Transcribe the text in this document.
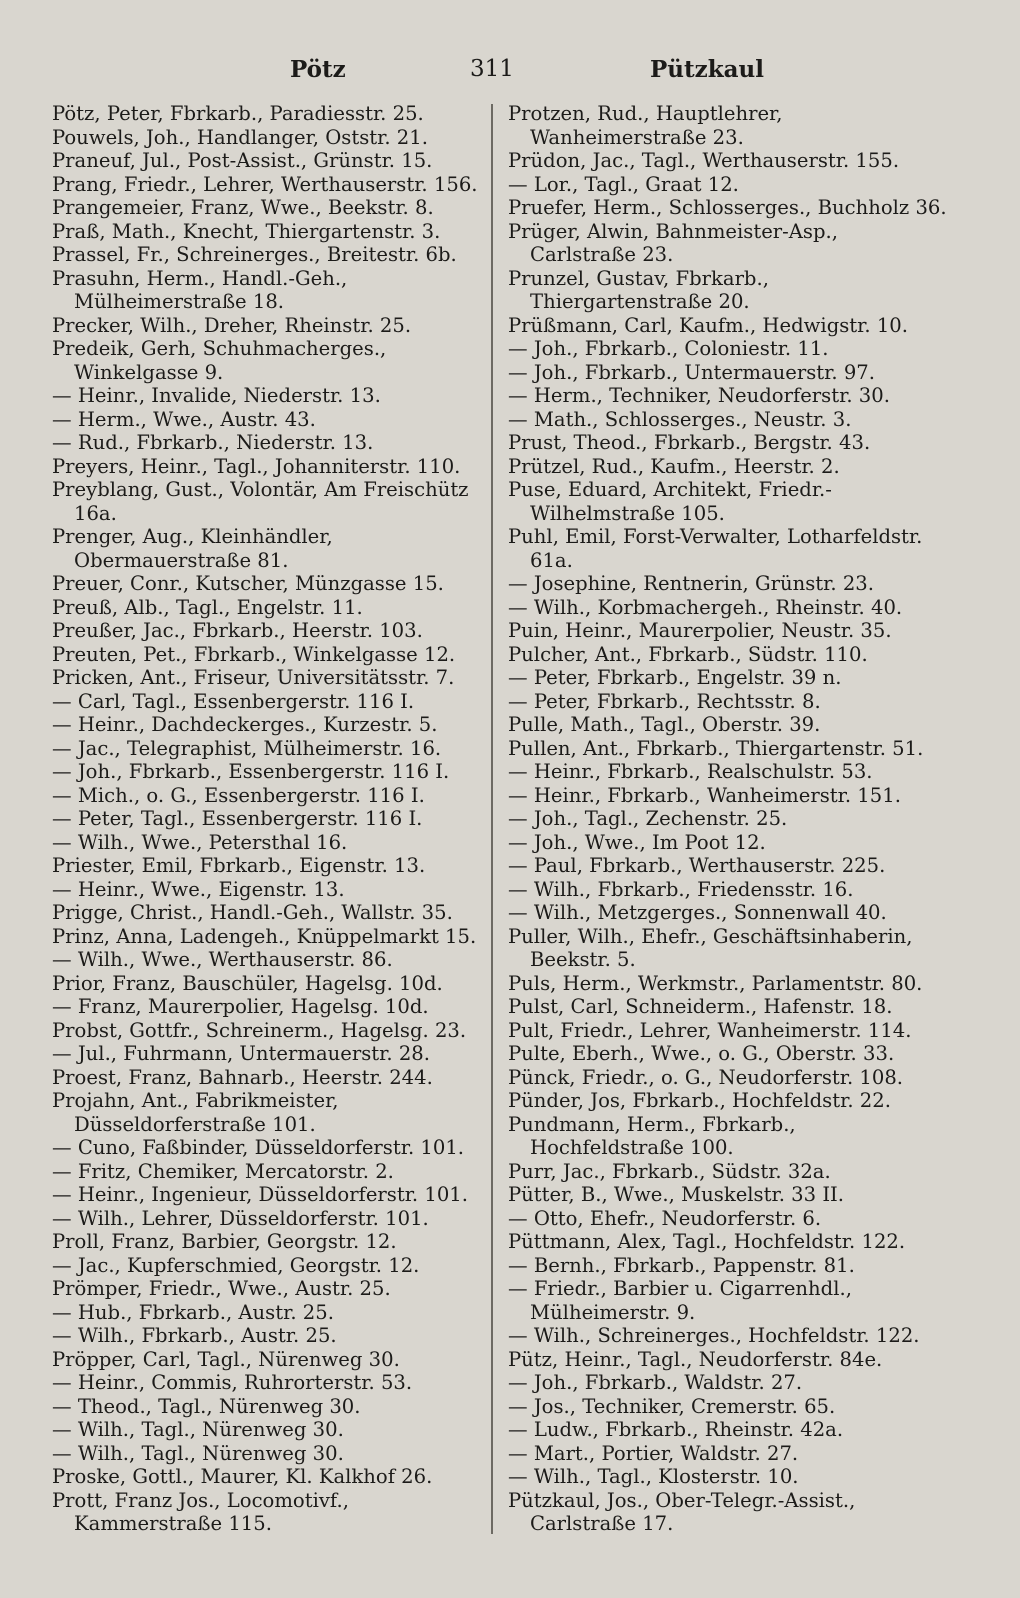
Pötz	311	Pützkaul
Pötz, Peter, Fbrkarb., Paradiesstr. 25.
Pouwels, Joh., Handlanger, Oststr. 21.
Praneuf, Jul., Post-Assist., Grünstr. 15.
Prang, Friedr., Lehrer, Werthauserstr. 156.
Prangemeier, Franz, Wwe., Beekstr. 8.
Praß, Math., Knecht, Thiergartenstr. 3.
Prassel, Fr., Schreinerges., Breitestr. 6b.
Prasuhn, Herm., Handl.-Geh., Mülheimerstraße 18.
Precker, Wilh., Dreher, Rheinstr. 25.
Predeik, Gerh, Schuhmacherges., Winkelgasse 9.
— Heinr., Invalide, Niederstr. 13.
— Herm., Wwe., Austr. 43.
— Rud., Fbrkarb., Niederstr. 13.
Preyers, Heinr., Tagl., Johanniterstr. 110.
Preyblang, Gust., Volontär, Am Freischütz 16a.
Prenger, Aug., Kleinhändler, Obermauerstraße 81.
Preuer, Conr., Kutscher, Münzgasse 15.
Preuß, Alb., Tagl., Engelstr. 11.
Preußer, Jac., Fbrkarb., Heerstr. 103.
Preuten, Pet., Fbrkarb., Winkelgasse 12.
Pricken, Ant., Friseur, Universitätsstr. 7.
— Carl, Tagl., Essenbergerstr. 116 I.
— Heinr., Dachdeckerges., Kurzestr. 5.
— Jac., Telegraphist, Mülheimerstr. 16.
— Joh., Fbrkarb., Essenbergerstr. 116 I.
— Mich., o. G., Essenbergerstr. 116 I.
— Peter, Tagl., Essenbergerstr. 116 I.
— Wilh., Wwe., Petersthal 16.
Priester, Emil, Fbrkarb., Eigenstr. 13.
— Heinr., Wwe., Eigenstr. 13.
Prigge, Christ., Handl.-Geh., Wallstr. 35.
Prinz, Anna, Ladengeh., Knüppelmarkt 15.
— Wilh., Wwe., Werthauserstr. 86.
Prior, Franz, Bauschüler, Hagelsg. 10d.
— Franz, Maurerpolier, Hagelsg. 10d.
Probst, Gottfr., Schreinerm., Hagelsg. 23.
— Jul., Fuhrmann, Untermauerstr. 28.
Proest, Franz, Bahnarb., Heerstr. 244.
Projahn, Ant., Fabrikmeister, Düsseldorferstraße 101.
— Cuno, Faßbinder, Düsseldorferstr. 101.
— Fritz, Chemiker, Mercatorstr. 2.
— Heinr., Ingenieur, Düsseldorferstr. 101.
— Wilh., Lehrer, Düsseldorferstr. 101.
Proll, Franz, Barbier, Georgstr. 12.
— Jac., Kupferschmied, Georgstr. 12.
Prömper, Friedr., Wwe., Austr. 25.
— Hub., Fbrkarb., Austr. 25.
— Wilh., Fbrkarb., Austr. 25.
Pröpper, Carl, Tagl., Nürenweg 30.
— Heinr., Commis, Ruhrorterstr. 53.
— Theod., Tagl., Nürenweg 30.
— Wilh., Tagl., Nürenweg 30.
— Wilh., Tagl., Nürenweg 30.
Proske, Gottl., Maurer, Kl. Kalkhof 26.
Prott, Franz Jos., Locomotivf., Kammerstraße 115.
Protzen, Rud., Hauptlehrer, Wanheimerstraße 23.
Prüdon, Jac., Tagl., Werthauserstr. 155.
— Lor., Tagl., Graat 12.
Pruefer, Herm., Schlosserges., Buchholz 36.
Prüger, Alwin, Bahnmeister-Asp., Carlstraße 23.
Prunzel, Gustav, Fbrkarb., Thiergartenstraße 20.
Prüßmann, Carl, Kaufm., Hedwigstr. 10.
— Joh., Fbrkarb., Coloniestr. 11.
— Joh., Fbrkarb., Untermauerstr. 97.
— Herm., Techniker, Neudorferstr. 30.
— Math., Schlosserges., Neustr. 3.
Prust, Theod., Fbrkarb., Bergstr. 43.
Prützel, Rud., Kaufm., Heerstr. 2.
Puse, Eduard, Architekt, Friedr.-Wilhelmstraße 105.
Puhl, Emil, Forst-Verwalter, Lotharfeldstr. 61a.
— Josephine, Rentnerin, Grünstr. 23.
— Wilh., Korbmachergeh., Rheinstr. 40.
Puin, Heinr., Maurerpolier, Neustr. 35.
Pulcher, Ant., Fbrkarb., Südstr. 110.
— Peter, Fbrkarb., Engelstr. 39 n.
— Peter, Fbrkarb., Rechtsstr. 8.
Pulle, Math., Tagl., Oberstr. 39.
Pullen, Ant., Fbrkarb., Thiergartenstr. 51.
— Heinr., Fbrkarb., Realschulstr. 53.
— Heinr., Fbrkarb., Wanheimerstr. 151.
— Joh., Tagl., Zechenstr. 25.
— Joh., Wwe., Im Poot 12.
— Paul, Fbrkarb., Werthauserstr. 225.
— Wilh., Fbrkarb., Friedensstr. 16.
— Wilh., Metzgerges., Sonnenwall 40.
Puller, Wilh., Ehefr., Geschäftsinhaberin, Beekstr. 5.
Puls, Herm., Werkmstr., Parlamentstr. 80.
Pulst, Carl, Schneiderm., Hafenstr. 18.
Pult, Friedr., Lehrer, Wanheimerstr. 114.
Pulte, Eberh., Wwe., o. G., Oberstr. 33.
Pünck, Friedr., o. G., Neudorferstr. 108.
Pünder, Jos, Fbrkarb., Hochfeldstr. 22.
Pundmann, Herm., Fbrkarb., Hochfeldstraße 100.
Purr, Jac., Fbrkarb., Südstr. 32a.
Pütter, B., Wwe., Muskelstr. 33 II.
— Otto, Ehefr., Neudorferstr. 6.
Püttmann, Alex, Tagl., Hochfeldstr. 122.
— Bernh., Fbrkarb., Pappenstr. 81.
— Friedr., Barbier u. Cigarrenhdl., Mülheimerstr. 9.
— Wilh., Schreinerges., Hochfeldstr. 122.
Pütz, Heinr., Tagl., Neudorferstr. 84e.
— Joh., Fbrkarb., Waldstr. 27.
— Jos., Techniker, Cremerstr. 65.
— Ludw., Fbrkarb., Rheinstr. 42a.
— Mart., Portier, Waldstr. 27.
— Wilh., Tagl., Klosterstr. 10.
Pützkaul, Jos., Ober-Telegr.-Assist., Carlstraße 17.
